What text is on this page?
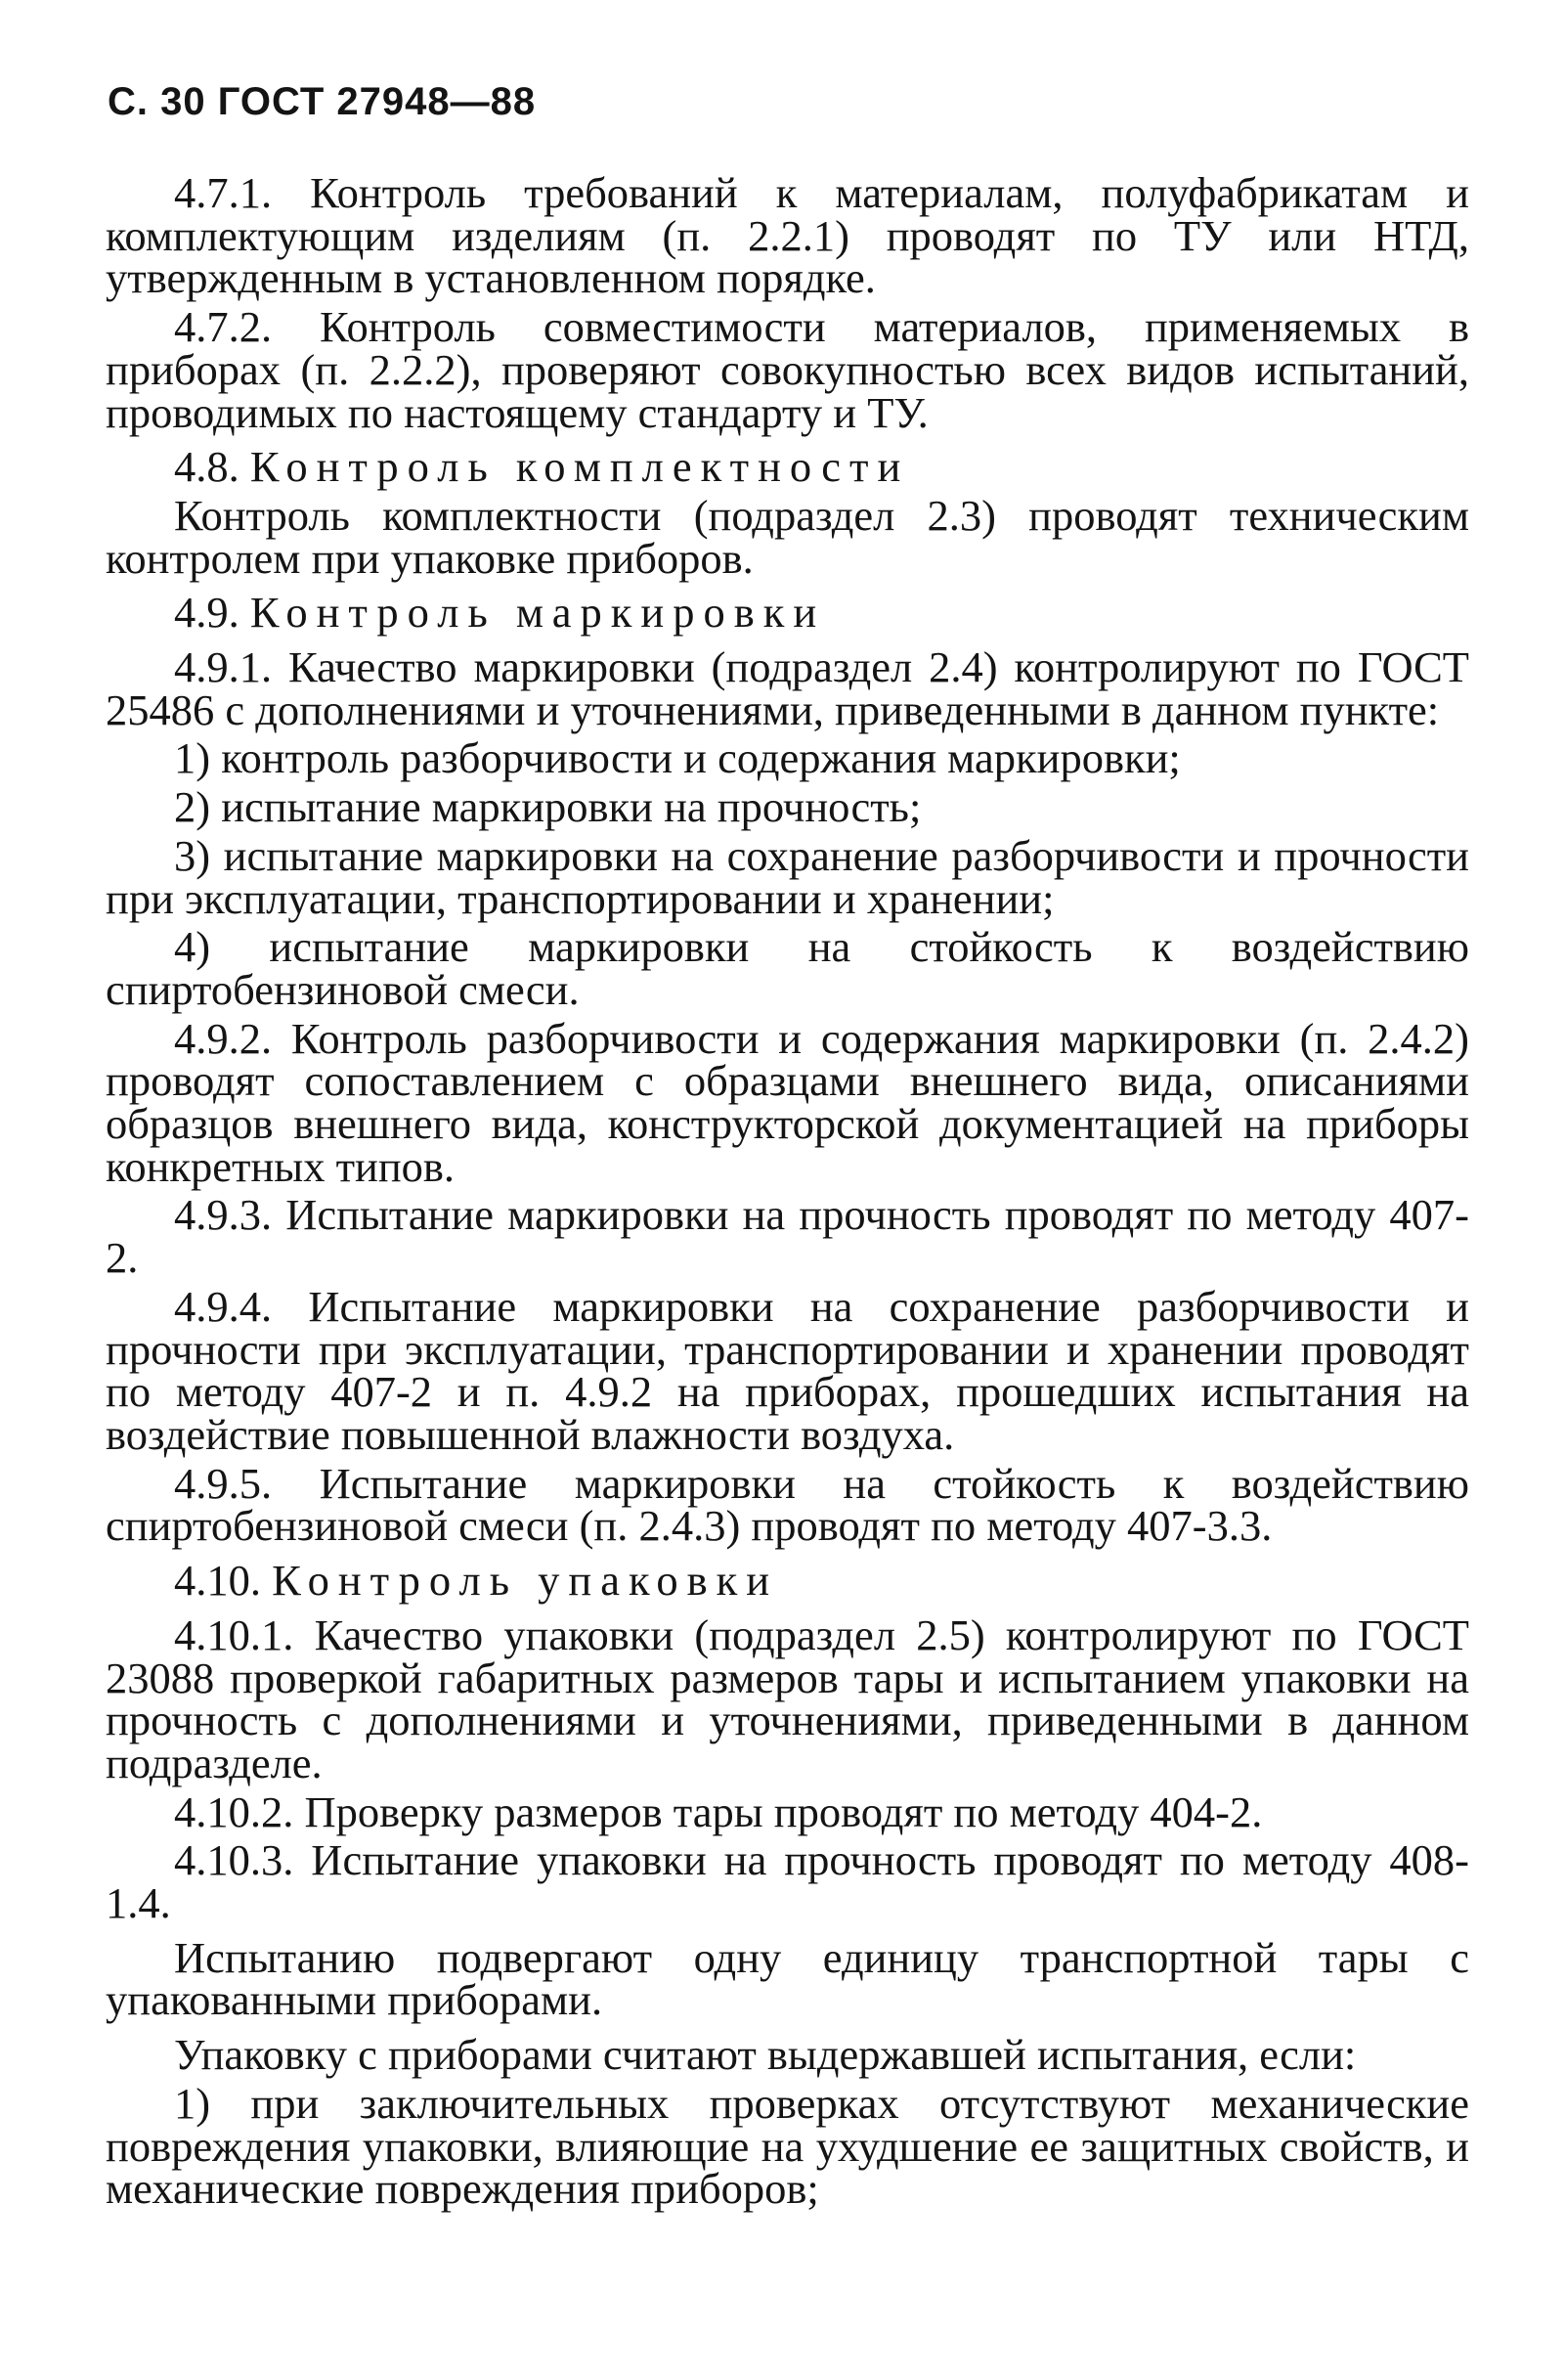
С. 30 ГОСТ 27948—88

4.7.1. Контроль требований к материалам, полуфабрикатам и комплектующим изделиям (п. 2.2.1) проводят по ТУ или НТД, утвержденным в установленном порядке.

4.7.2. Контроль совместимости материалов, применяемых в приборах (п. 2.2.2), проверяют совокупностью всех видов испытаний, проводимых по настоящему стандарту и ТУ.

4.8. Контроль комплектности

Контроль комплектности (подраздел 2.3) проводят техническим контролем при упаковке приборов.

4.9. Контроль маркировки

4.9.1. Качество маркировки (подраздел 2.4) контролируют по ГОСТ 25486 с дополнениями и уточнениями, приведенными в данном пункте:

1) контроль разборчивости и содержания маркировки;

2) испытание маркировки на прочность;

3) испытание маркировки на сохранение разборчивости и прочности при эксплуатации, транспортировании и хранении;

4) испытание маркировки на стойкость к воздействию спиртобензиновой смеси.

4.9.2. Контроль разборчивости и содержания маркировки (п. 2.4.2) проводят сопоставлением с образцами внешнего вида, описаниями образцов внешнего вида, конструкторской документацией на приборы конкретных типов.

4.9.3. Испытание маркировки на прочность проводят по методу 407-2.

4.9.4. Испытание маркировки на сохранение разборчивости и прочности при эксплуатации, транспортировании и хранении проводят по методу 407-2 и п. 4.9.2 на приборах, прошедших испытания на воздействие повышенной влажности воздуха.

4.9.5. Испытание маркировки на стойкость к воздействию спиртобензиновой смеси (п. 2.4.3) проводят по методу 407-3.3.

4.10. Контроль упаковки

4.10.1. Качество упаковки (подраздел 2.5) контролируют по ГОСТ 23088 проверкой габаритных размеров тары и испытанием упаковки на прочность с дополнениями и уточнениями, приведенными в данном подразделе.

4.10.2. Проверку размеров тары проводят по методу 404-2.

4.10.3. Испытание упаковки на прочность проводят по методу 408-1.4.

Испытанию подвергают одну единицу транспортной тары с упакованными приборами.

Упаковку с приборами считают выдержавшей испытания, если:

1) при заключительных проверках отсутствуют механические повреждения упаковки, влияющие на ухудшение ее защитных свойств, и механические повреждения приборов;
